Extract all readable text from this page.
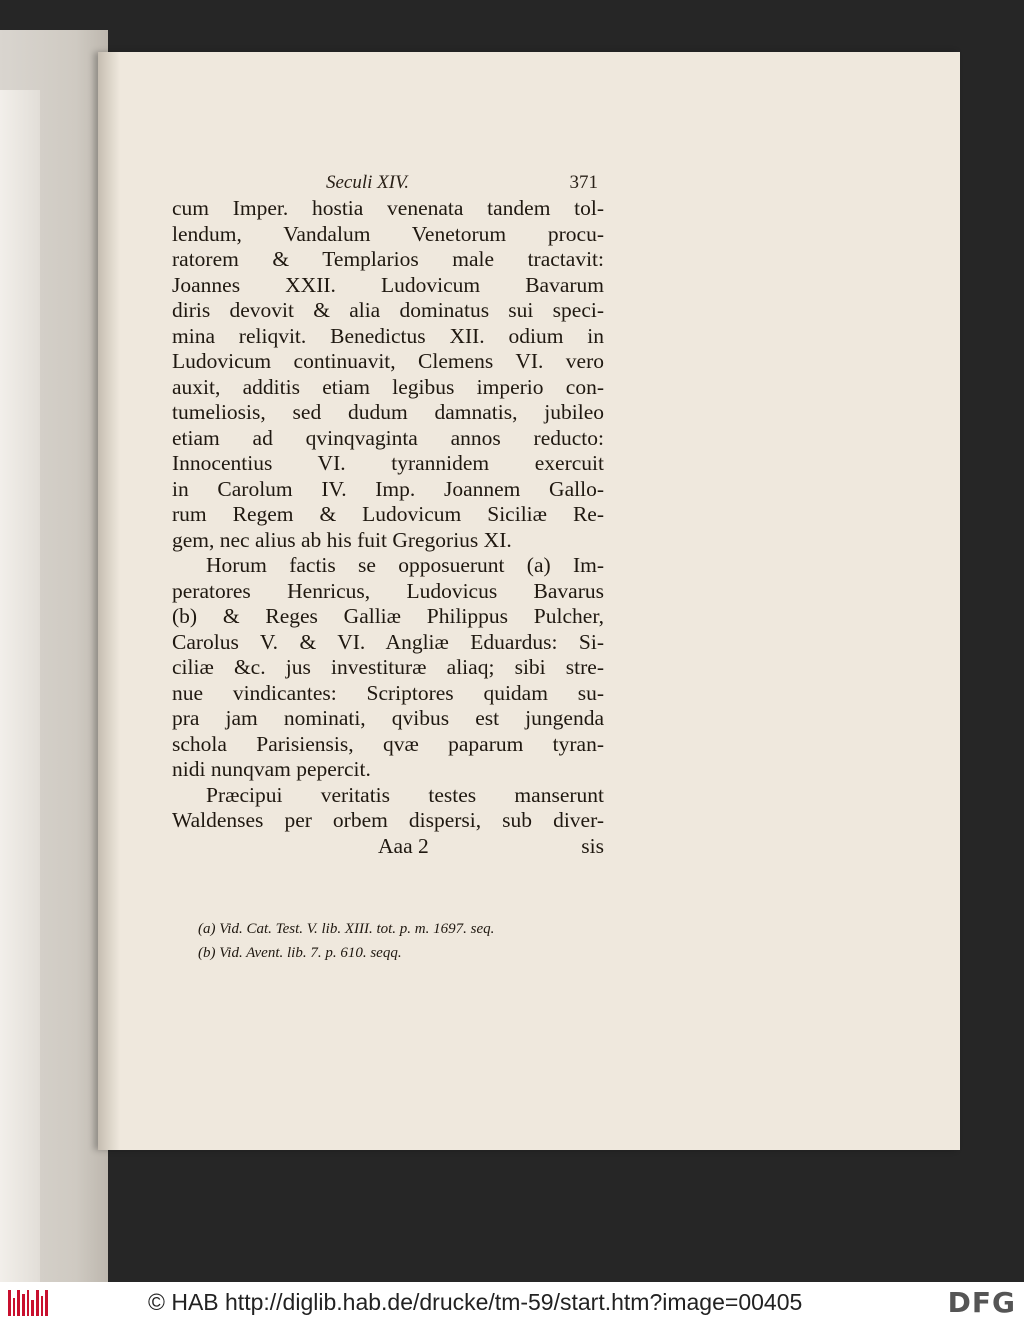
Seculi XIV.	371
cum Imper. hostia venenata tandem tol-
lendum, Vandalum Venetorum procu-
ratorem & Templarios male tractavit:
Joannes XXII. Ludovicum Bavarum
diris devovit & alia dominatus sui speci-
mina reliqvit. Benedictus XII. odium in
Ludovicum continuavit, Clemens VI. vero
auxit, additis etiam legibus imperio con-
tumeliosis, sed dudum damnatis, jubileo
etiam ad qvinqvaginta annos reducto:
Innocentius VI. tyrannidem exercuit
in Carolum IV. Imp. Joannem Gallo-
rum Regem & Ludovicum Siciliæ Re-
gem, nec alius ab his fuit Gregorius XI.
Horum factis se opposuerunt (a) Im-
peratores Henricus, Ludovicus Bavarus
(b) & Reges Galliæ Philippus Pulcher,
Carolus V. & VI. Angliæ Eduardus: Si-
ciliæ &c. jus investituræ aliaq; sibi stre-
nue vindicantes: Scriptores quidam su-
pra jam nominati, qvibus est jungenda
schola Parisiensis, qvæ paparum tyran-
nidi nunqvam pepercit.
Præcipui veritatis testes manserunt
Waldenses per orbem dispersi, sub diver-
Aaa 2	sis
(a) Vid. Cat. Test. V. lib. XIII. tot. p. m. 1697. seq.
(b) Vid. Avent. lib. 7. p. 610. seqq.
© HAB http://diglib.hab.de/drucke/tm-59/start.htm?image=00405	DFG
